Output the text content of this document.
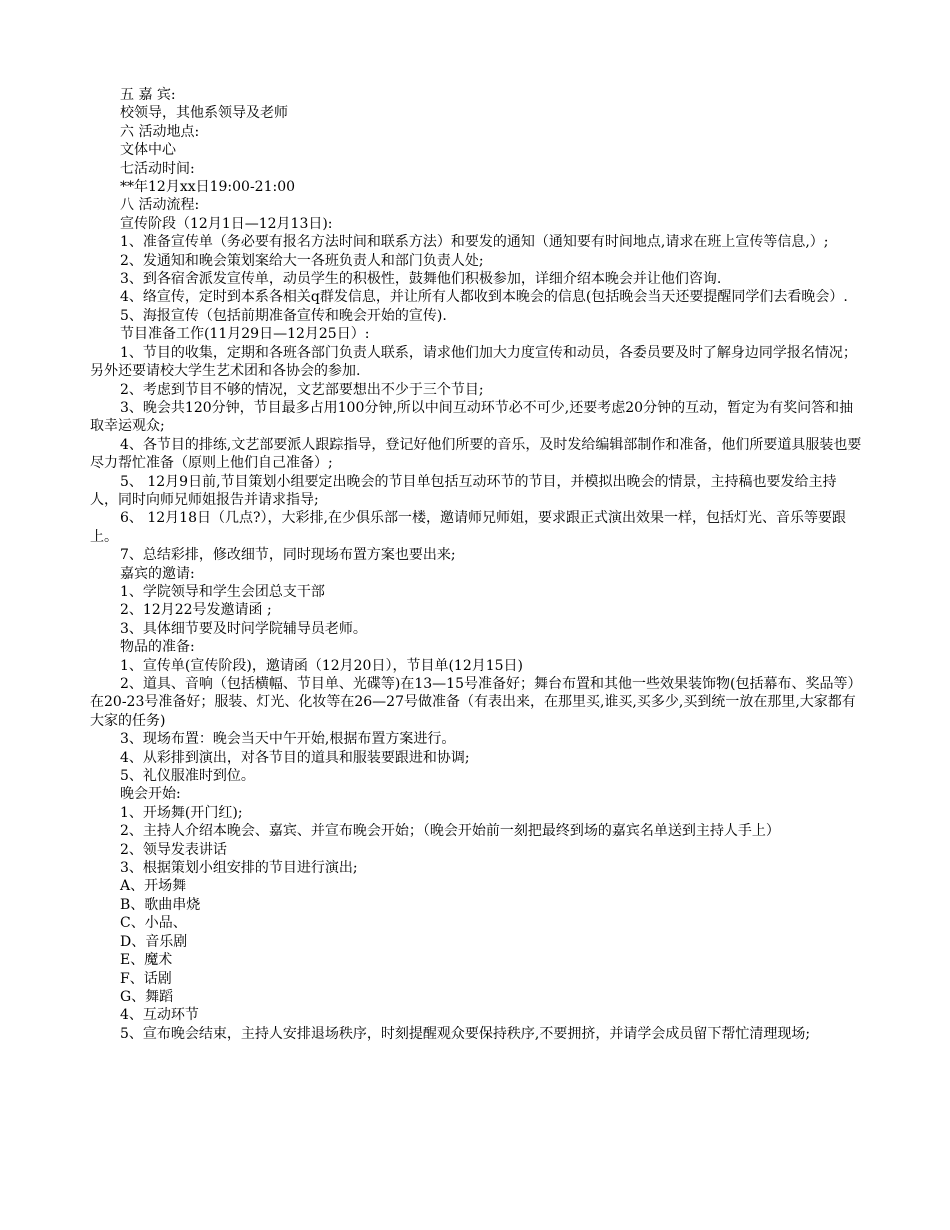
五 嘉 宾:

校领导，其他系领导及老师

六 活动地点:

文体中心

七活动时间:

**年12月xx日19:00-21:00

八 活动流程:

宣传阶段（12月1日—12月13日):

1、准备宣传单（务必要有报名方法时间和联系方法）和要发的通知（通知要有时间地点,请求在班上宣传等信息,）;

2、发通知和晚会策划案给大一各班负责人和部门负责人处;

3、到各宿舍派发宣传单，动员学生的积极性，鼓舞他们积极参加，详细介绍本晚会并让他们咨询.

4、络宣传，定时到本系各相关q群发信息，并让所有人都收到本晚会的信息(包括晚会当天还要提醒同学们去看晚会）.

5、海报宣传（包括前期准备宣传和晚会开始的宣传).

节目准备工作(11月29日—12月25日）:

1、节目的收集，定期和各班各部门负责人联系，请求他们加大力度宣传和动员，各委员要及时了解身边同学报名情况；另外还要请校大学生艺术团和各协会的参加.

2、考虑到节目不够的情况，文艺部要想出不少于三个节目;

3、晚会共120分钟，节目最多占用100分钟,所以中间互动环节必不可少,还要考虑20分钟的互动，暂定为有奖问答和抽取幸运观众;

4、各节目的排练,文艺部要派人跟踪指导，登记好他们所要的音乐，及时发给编辑部制作和准备，他们所要道具服装也要尽力帮忙准备（原则上他们自己准备）;

5、 12月9日前,节目策划小组要定出晚会的节目单包括互动环节的节目，并模拟出晚会的情景，主持稿也要发给主持人，同时向师兄师姐报告并请求指导;

6、 12月18日（几点?），大彩排,在少俱乐部一楼，邀请师兄师姐，要求跟正式演出效果一样，包括灯光、音乐等要跟上。

7、总结彩排，修改细节，同时现场布置方案也要出来;

嘉宾的邀请:

1、学院领导和学生会团总支干部

2、12月22号发邀请函 ;

3、具体细节要及时问学院辅导员老师。

物品的准备:

1、宣传单(宣传阶段)，邀请函（12月20日），节目单(12月15日)

2、道具、音响（包括横幅、节目单、光碟等)在13—15号准备好；舞台布置和其他一些效果装饰物(包括幕布、奖品等）在20-23号准备好；服装、灯光、化妆等在26—27号做准备（有表出来，在那里买,谁买,买多少,买到统一放在那里,大家都有大家的任务)

3、现场布置：晚会当天中午开始,根据布置方案进行。

4、从彩排到演出，对各节目的道具和服装要跟进和协调;

5、礼仪服准时到位。

晚会开始:

1、开场舞(开门红);

2、主持人介绍本晚会、嘉宾、并宣布晚会开始；（晚会开始前一刻把最终到场的嘉宾名单送到主持人手上）

2、领导发表讲话

3、根据策划小组安排的节目进行演出;

A、开场舞

B、歌曲串烧

C、小品、

D、音乐剧

E、魔术

F、话剧

G、舞蹈

4、互动环节

5、宣布晚会结束，主持人安排退场秩序，时刻提醒观众要保持秩序,不要拥挤，并请学会成员留下帮忙清理现场;
